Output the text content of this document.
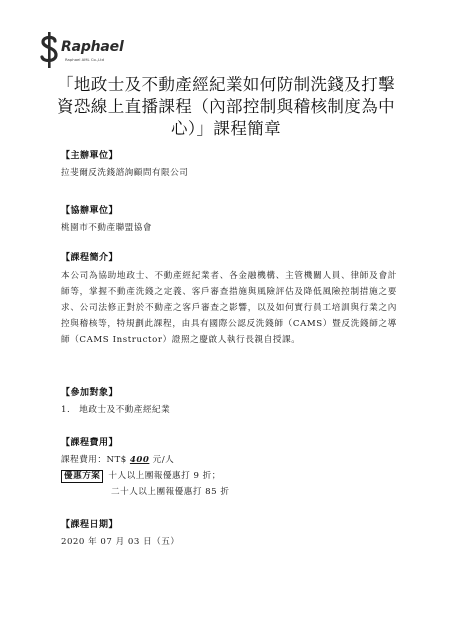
Raphael
Raphael AML Co.,Ltd
「地政士及不動產經紀業如何防制洗錢及打擊資恐線上直播課程（內部控制與稽核制度為中心）」課程簡章

【主辦單位】

拉斐爾反洗錢諮詢顧問有限公司

【協辦單位】

桃園市不動產聯盟協會

【課程簡介】

本公司為協助地政士、不動產經紀業者、各金融機構、主管機關人員、律師及會計師等，掌握不動產洗錢之定義、客戶審查措施與風險評估及降低風險控制措施之要求、公司法修正對於不動產之客戶審查之影響，以及如何實行員工培訓與行業之內控與稽核等，特規劃此課程，由具有國際公認反洗錢師（CAMS）暨反洗錢師之導師（CAMS Instructor）證照之慶啟人執行長親自授課。

【參加對象】

1.　地政士及不動產經紀業

【課程費用】

課程費用：NT$ 400 元/人

優惠方案 十人以上團報優惠打 9 折；

二十人以上團報優惠打 85 折

【課程日期】

2020 年 07 月 03 日（五）
